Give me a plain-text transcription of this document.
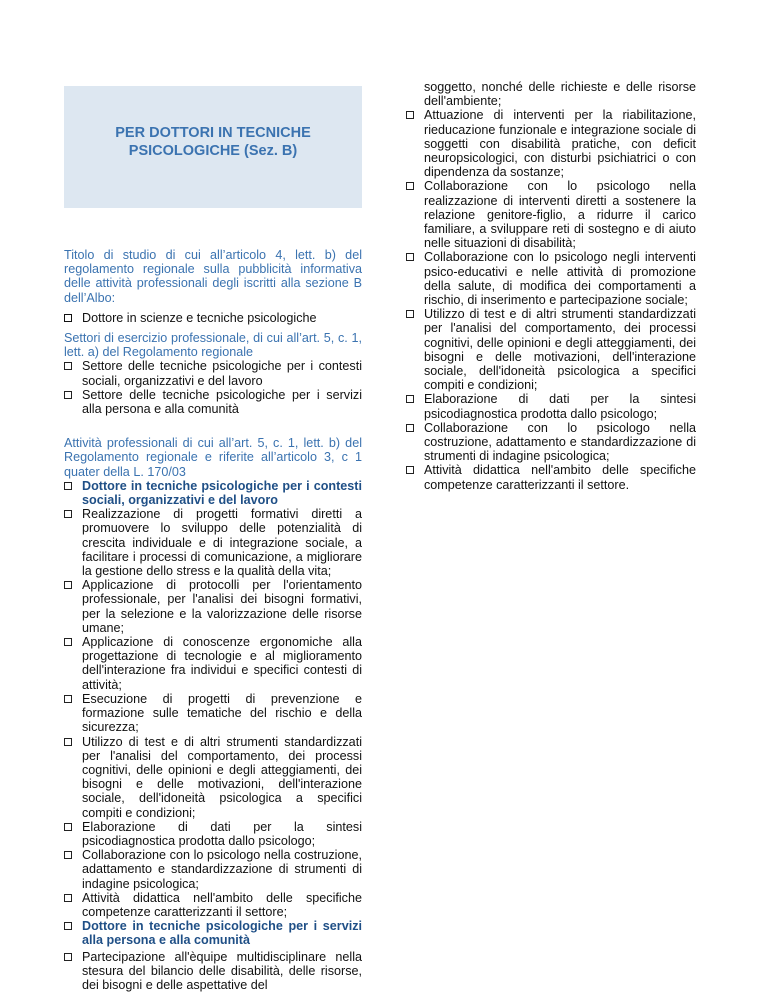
PER DOTTORI IN TECNICHE PSICOLOGICHE (Sez. B)
Titolo di studio di cui all’articolo 4, lett. b) del regolamento regionale sulla pubblicità informativa delle attività professionali degli iscritti alla sezione B dell’Albo:
Dottore in scienze e tecniche psicologiche
Settori di esercizio professionale, di cui all’art. 5, c. 1, lett. a) del Regolamento regionale
Settore delle tecniche psicologiche per i contesti sociali, organizzativi e del lavoro
Settore delle tecniche psicologiche per i servizi alla persona e alla comunità
Attività professionali di cui all’art. 5, c. 1, lett. b) del Regolamento regionale e riferite all’articolo 3, c 1 quater della L. 170/03
Dottore in tecniche psicologiche per i contesti sociali, organizzativi e del lavoro
Realizzazione di progetti formativi diretti a promuovere lo sviluppo delle potenzialità di crescita individuale e di integrazione sociale, a facilitare i processi di comunicazione, a migliorare la gestione dello stress e la qualità della vita;
Applicazione di protocolli per l'orientamento professionale, per l'analisi dei bisogni formativi, per la selezione e la valorizzazione delle risorse umane;
Applicazione di conoscenze ergonomiche alla progettazione di tecnologie e al miglioramento dell'interazione fra individui e specifici contesti di attività;
Esecuzione di progetti di prevenzione e formazione sulle tematiche del rischio e della sicurezza;
Utilizzo di test e di altri strumenti standardizzati per l'analisi del comportamento, dei processi cognitivi, delle opinioni e degli atteggiamenti, dei bisogni e delle motivazioni, dell'interazione sociale, dell'idoneità psicologica a specifici compiti e condizioni;
Elaborazione di dati per la sintesi psicodiagnostica prodotta dallo psicologo;
Collaborazione con lo psicologo nella costruzione, adattamento e standardizzazione di strumenti di indagine psicologica;
Attività didattica nell'ambito delle specifiche competenze caratterizzanti il settore;
Dottore in tecniche psicologiche per i servizi alla persona e alla comunità
Partecipazione all'èquipe multidisciplinare nella stesura del bilancio delle disabilità, delle risorse, dei bisogni e delle aspettative del
soggetto, nonché delle richieste e delle risorse dell'ambiente;
Attuazione di interventi per la riabilitazione, rieducazione funzionale e integrazione sociale di soggetti con disabilità pratiche, con deficit neuropsicologici, con disturbi psichiatrici o con dipendenza da sostanze;
Collaborazione con lo psicologo nella realizzazione di interventi diretti a sostenere la relazione genitore-figlio, a ridurre il carico familiare, a sviluppare reti di sostegno e di aiuto nelle situazioni di disabilità;
Collaborazione con lo psicologo negli interventi psico-educativi e nelle attività di promozione della salute, di modifica dei comportamenti a rischio, di inserimento e partecipazione sociale;
Utilizzo di test e di altri strumenti standardizzati per l'analisi del comportamento, dei processi cognitivi, delle opinioni e degli atteggiamenti, dei bisogni e delle motivazioni, dell'interazione sociale, dell'idoneità psicologica a specifici compiti e condizioni;
Elaborazione di dati per la sintesi psicodiagnostica prodotta dallo psicologo;
Collaborazione con lo psicologo nella costruzione, adattamento e standardizzazione di strumenti di indagine psicologica;
Attività didattica nell'ambito delle specifiche competenze caratterizzanti il settore.
